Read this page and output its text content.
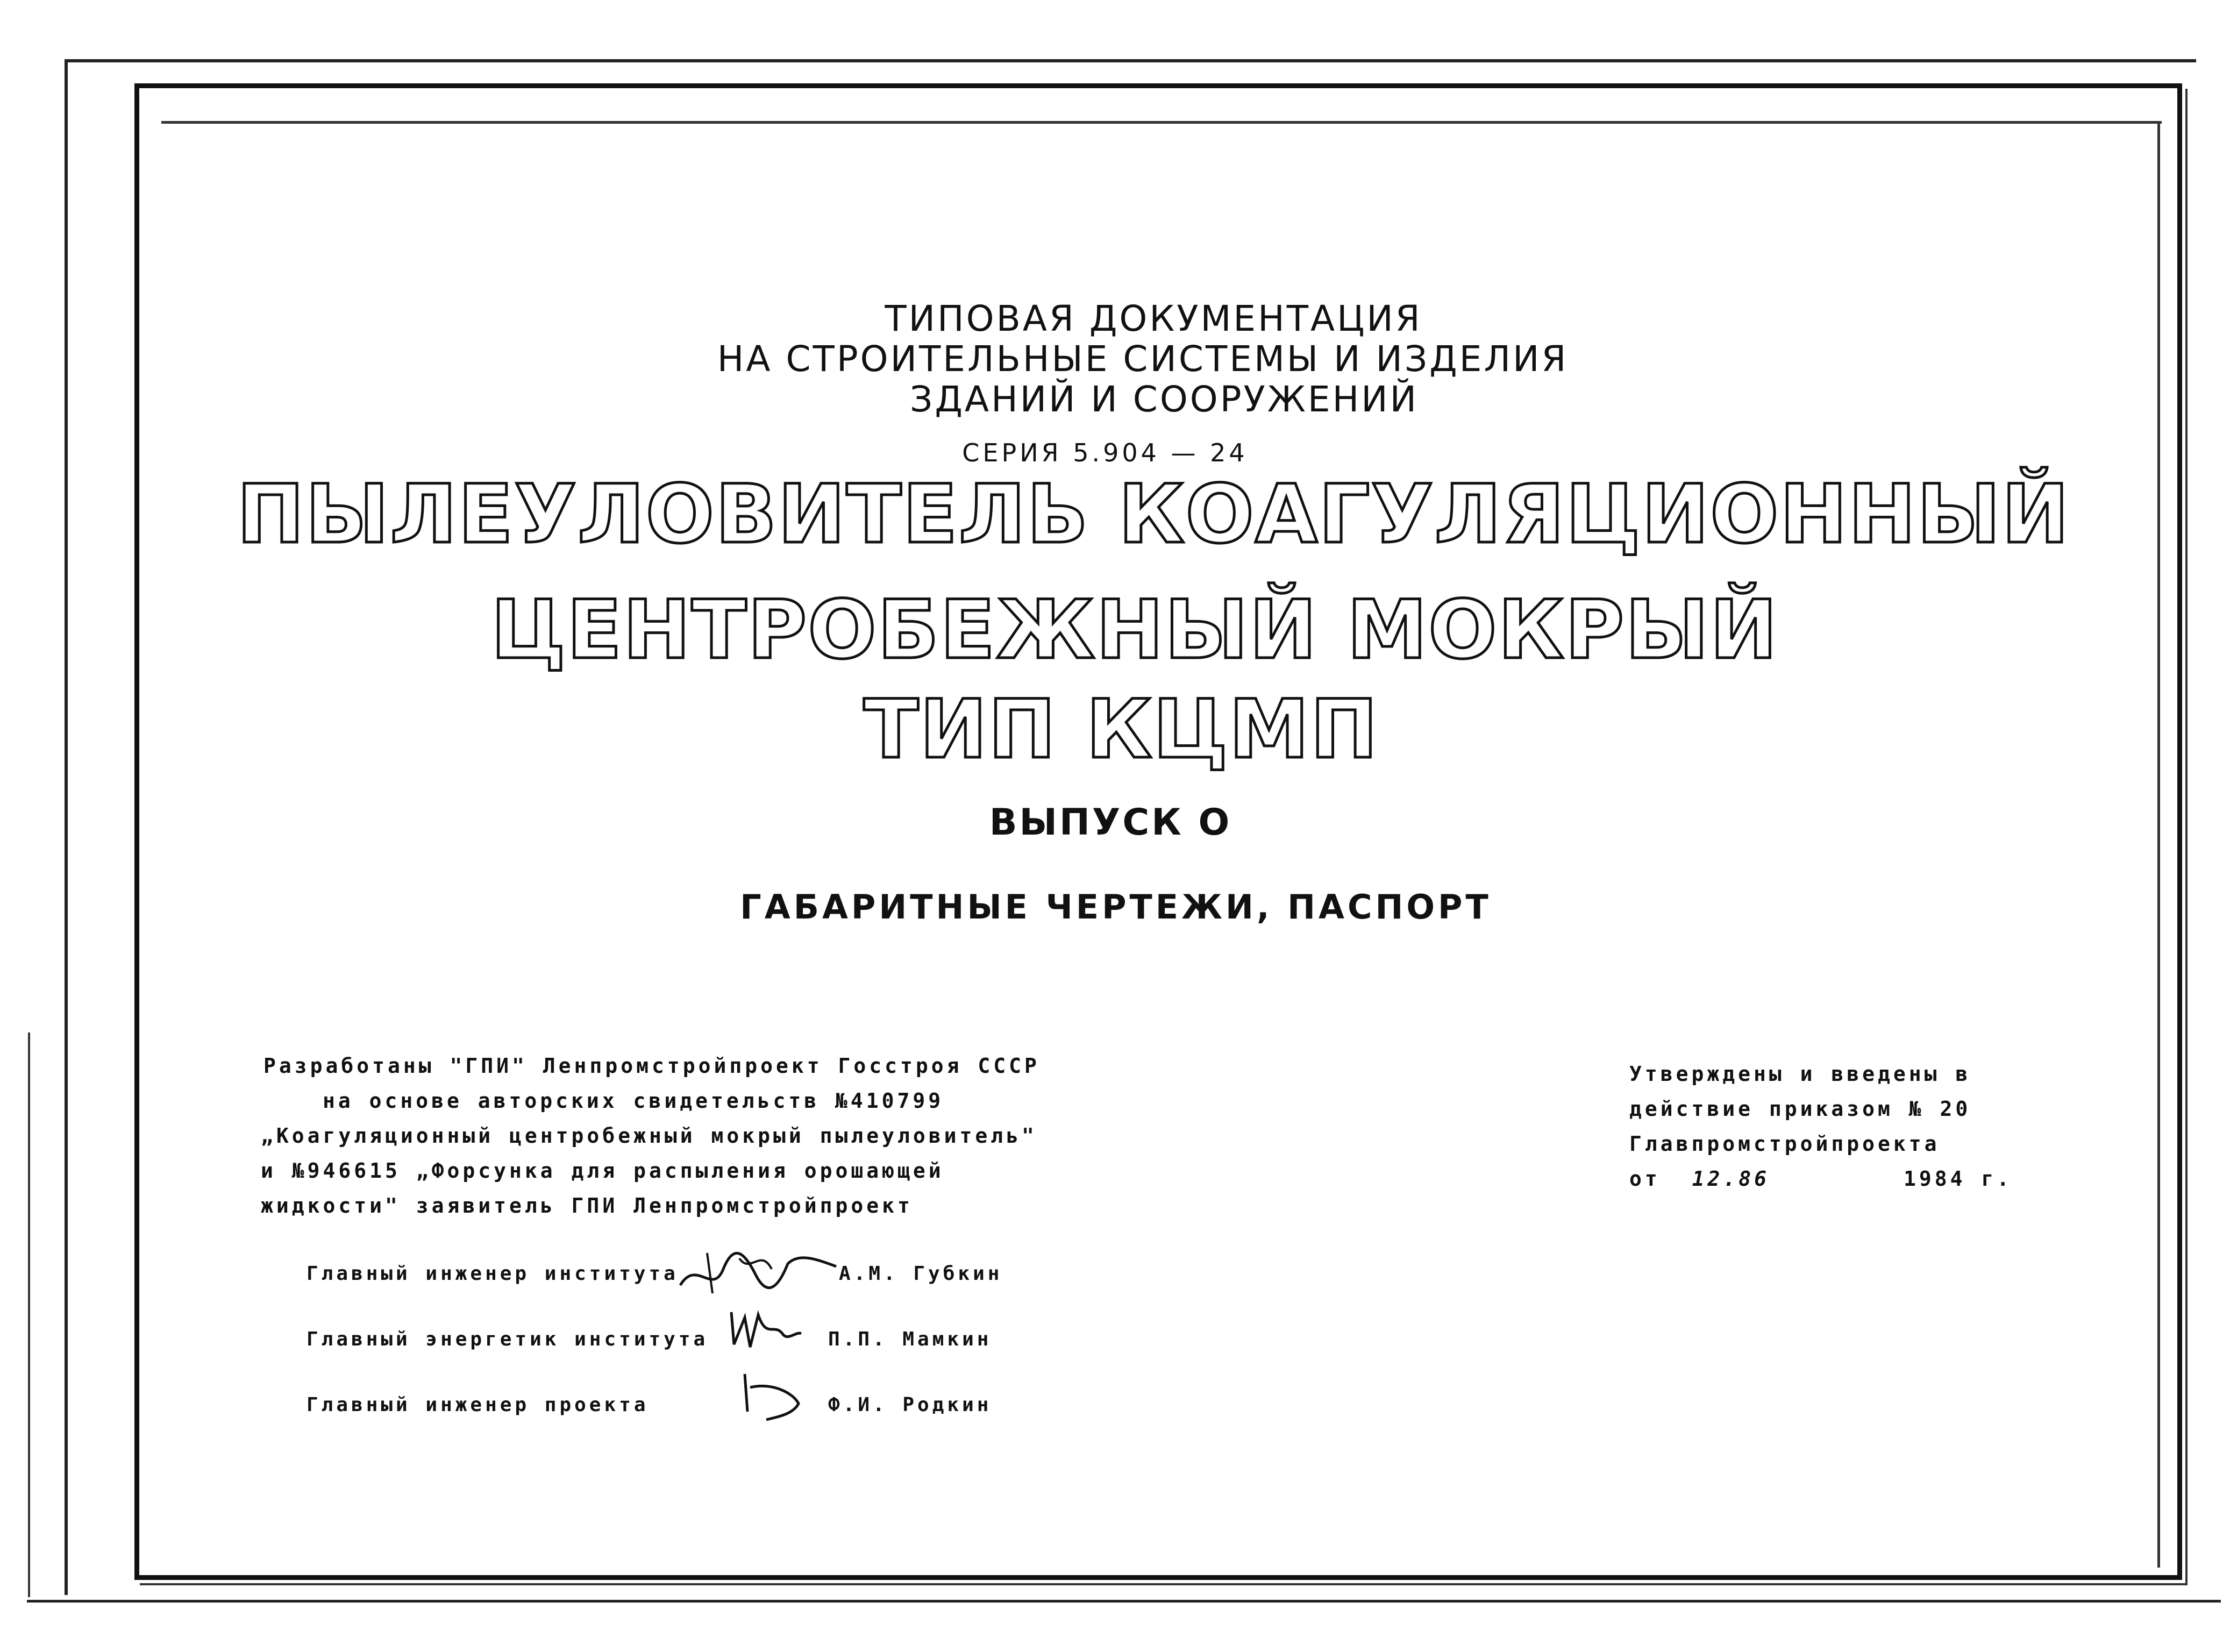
ТИПОВАЯ ДОКУМЕНТАЦИЯ
НА СТРОИТЕЛЬНЫЕ СИСТЕМЫ И ИЗДЕЛИЯ
ЗДАНИЙ И СООРУЖЕНИЙ
СЕРИЯ 5.904 — 24
ПЫЛЕУЛОВИТЕЛЬ КОАГУЛЯЦИОННЫЙ
ЦЕНТРОБЕЖНЫЙ МОКРЫЙ
ТИП КЦМП
ВЫПУСК О
ГАБАРИТНЫЕ ЧЕРТЕЖИ, ПАСПОРТ
Разработаны "ГПИ" Ленпромстройпроект Госстроя СССР
на основе авторских свидетельств №410799
„Коагуляционный центробежный мокрый пылеуловитель"
и №946615 „Форсунка для распыления орошающей
жидкости" заявитель ГПИ Ленпромстройпроект
Утверждены и введены в
действие приказом № 20
Главпромстройпроекта
от 12.86	1984 г.
Главный инженер института	А.М. Губкин
Главный энергетик института	П.П. Мамкин
Главный инженер проекта	Ф.И. Родкин
